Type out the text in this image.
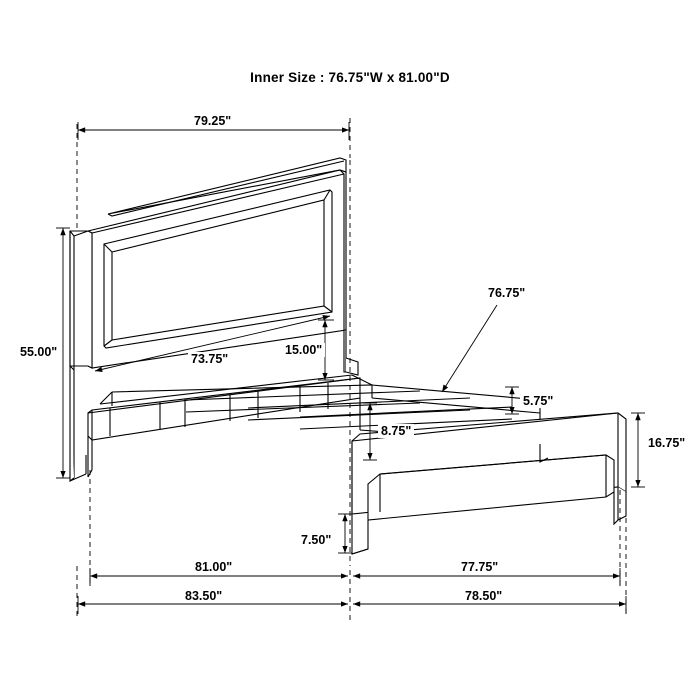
Inner Size : 76.75"W x 81.00"D
79.25"
55.00"	73.75"
15.00"
76.75"
5.75"
16.75"
8.75"
7.50"
81.00"	77.75"
83.50"	78.50"
